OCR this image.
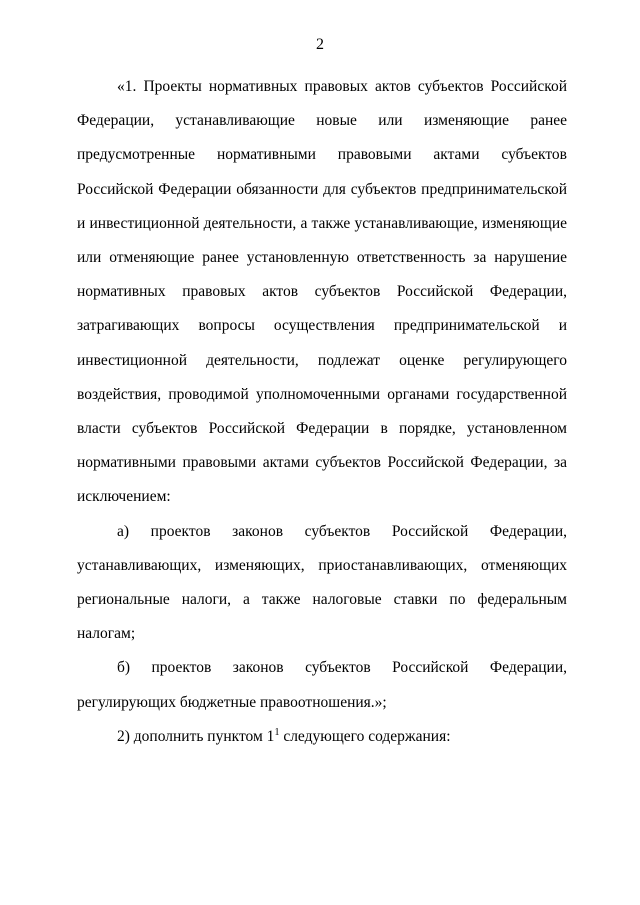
2

«1. Проекты нормативных правовых актов субъектов Российской Федерации, устанавливающие новые или изменяющие ранее предусмотренные нормативными правовыми актами субъектов Российской Федерации обязанности для субъектов предпринимательской и инвестиционной деятельности, а также устанавливающие, изменяющие или отменяющие ранее установленную ответственность за нарушение нормативных правовых актов субъектов Российской Федерации, затрагивающих вопросы осуществления предпринимательской и инвестиционной деятельности, подлежат оценке регулирующего воздействия, проводимой уполномоченными органами государственной власти субъектов Российской Федерации в порядке, установленном нормативными правовыми актами субъектов Российской Федерации, за исключением:

а) проектов законов субъектов Российской Федерации, устанавливающих, изменяющих, приостанавливающих, отменяющих региональные налоги, а также налоговые ставки по федеральным налогам;

б) проектов законов субъектов Российской Федерации, регулирующих бюджетные правоотношения.»;

2) дополнить пунктом $1^1$ следующего содержания:
